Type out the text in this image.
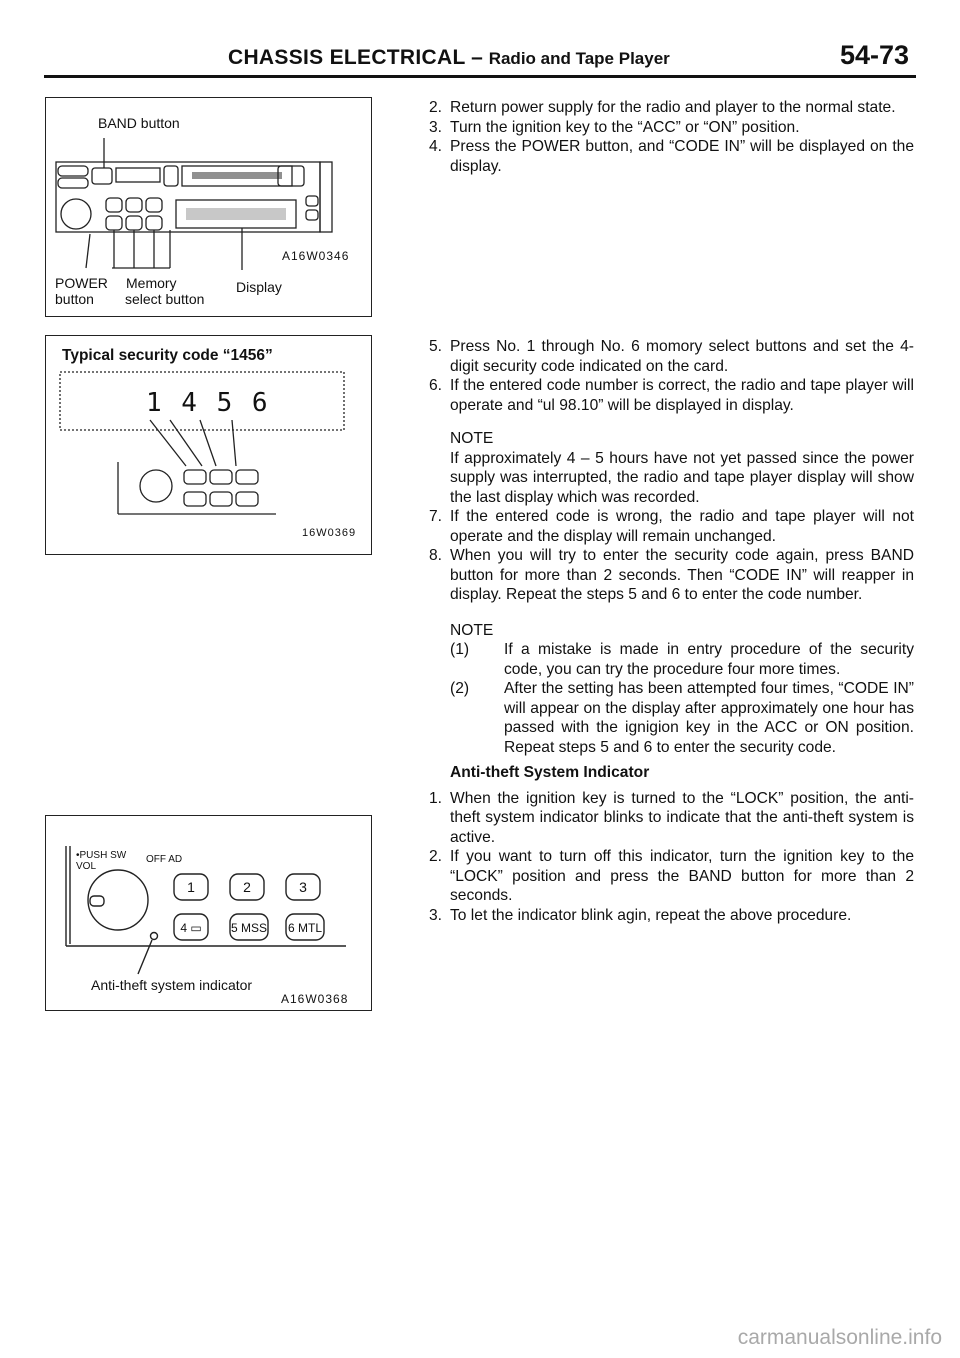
CHASSIS ELECTRICAL – Radio and Tape Player	54-73
BAND button
A16W0346
POWER
button
Memory
select button
Display
Typical security code “1456”
1 4 5 6
16W0369
1	2	3
4 ▭ 5 MSS 6 MTL
•PUSH SW
VOL
OFF AD
Anti-theft system indicator
A16W0368
2. Return power supply for the radio and player to the normal state.
3. Turn the ignition key to the “ACC” or “ON” position.
4. Press the POWER button, and “CODE IN” will be displayed on the display.
5. Press No. 1 through No. 6 momory select buttons and set the 4-digit security code indicated on the card.
6. If the entered code number is correct, the radio and tape player will operate and “ul 98.10” will be displayed in display.
NOTE
If approximately 4 – 5 hours have not yet passed since the power supply was interrupted, the radio and tape player display will show the last display which was recorded.
7. If the entered code is wrong, the radio and tape player will not operate and the display will remain unchanged.
8. When you will try to enter the security code again, press BAND button for more than 2 seconds. Then “CODE IN” will reapper in display. Repeat the steps 5 and 6 to enter the code number.
NOTE
(1)	If a mistake is made in entry procedure of the security code, you can try the procedure four more times.
(2)	After the setting has been attempted four times, “CODE IN” will appear on the display after approximately one hour has passed with the ignigion key in the ACC or ON position. Repeat steps 5 and 6 to enter the security code.
Anti-theft System Indicator
1. When the ignition key is turned to the “LOCK” position, the anti-theft system indicator blinks to indicate that the anti-theft system is active.
2. If you want to turn off this indicator, turn the ignition key to the “LOCK” position and press the BAND button for more than 2 seconds.
3. To let the indicator blink agin, repeat the above procedure.
carmanualsonline.info
